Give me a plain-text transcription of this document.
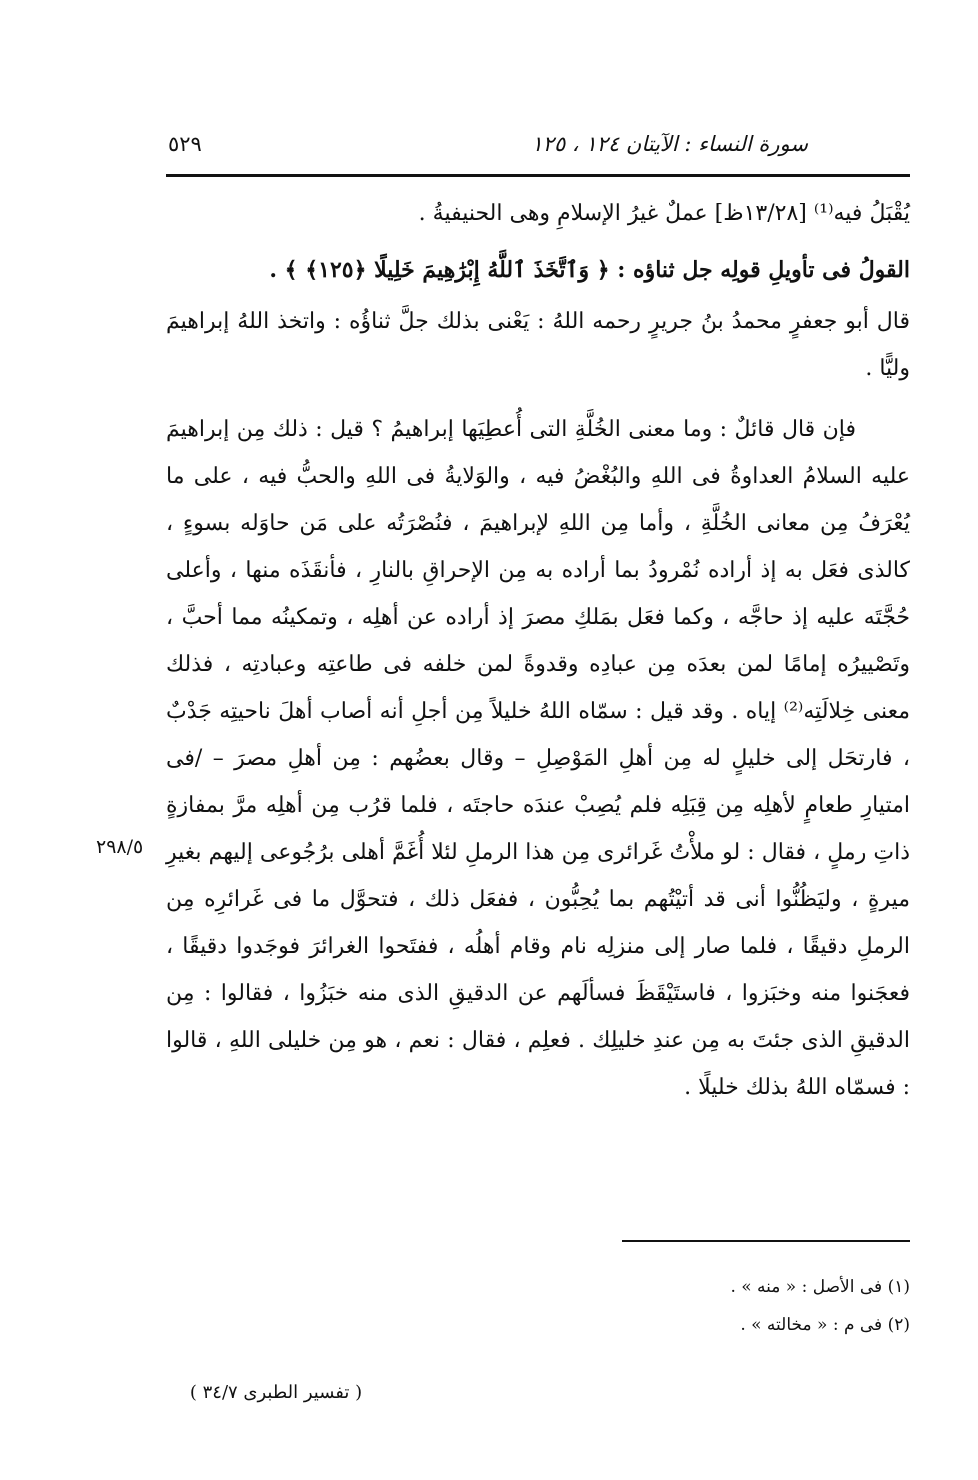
سورة النساء : الآيتان ١٢٤ ، ١٢٥
٥٢٩

يُقْبَلُ فيه⁽¹⁾ [١٣/٢٨ظ] عملٌ غيرُ الإسلامِ وهى الحنيفيةُ .

القولُ فى تأويلِ قولِه جل ثناؤه : ﴿ وَٱتَّخَذَ ٱللَّهُ إِبْرَٰهِيمَ خَلِيلًا ﴿١٢٥﴾ ﴾ .

قال أبو جعفرٍ محمدُ بنُ جريرٍ رحمه اللهُ : يَعْنى بذلك جلَّ ثناؤُه : واتخذ اللهُ إبراهيمَ وليًّا .

فإن قال قائلٌ : وما معنى الخُلَّةِ التى أُعطِيَها إبراهيمُ ؟ قيل : ذلك مِن إبراهيمَ عليه السلامُ العداوةُ فى اللهِ والبُغْضُ فيه ، والوَلايةُ فى اللهِ والحبُّ فيه ، على ما يُعْرَفُ مِن معانى الخُلَّةِ ، وأما مِن اللهِ لإبراهيمَ ، فنُصْرَتُه على مَن حاوَله بسوءٍ ، كالذى فعَل به إذ أراده نُمْرودُ بما أراده به مِن الإحراقِ بالنارِ ، فأنقَذَه منها ، وأعلى حُجَّتَه عليه إذ حاجَّه ، وكما فعَل بمَلكِ مصرَ إذ أراده عن أهلِه ، وتمكينُه مما أحبَّ ، وتَصْييرُه إمامًا لمن بعدَه مِن عبادِه وقدوةً لمن خلفه فى طاعتِه وعبادتِه ، فذلك معنى خِلالَتِه⁽²⁾ إياه . وقد قيل : سمّاه اللهُ خليلاً مِن أجلِ أنه أصاب أهلَ ناحيتِه جَدْبٌ ، فارتحَل إلى خليلٍ له مِن أهلِ المَوْصِلِ – وقال بعضُهم : مِن أهلِ مصرَ – /فى امتيارِ طعامٍ لأهلِه مِن قِبَلِه فلم يُصِبْ عندَه حاجتَه ، فلما قرُب مِن أهلِه مرَّ بمفازةٍ ذاتِ رملٍ ، فقال : لو ملأْتُ غَرائرى مِن هذا الرملِ لئلا أُغَمَّ أهلى برُجُوعى إليهم بغيرِ ميرةٍ ، وليَظُنُّوا أنى قد أتيْتُهم بما يُحِبُّون ، ففعَل ذلك ، فتحوَّل ما فى غَرائرِه مِن الرملِ دقيقًا ، فلما صار إلى منزلِه نام وقام أهلُه ، ففتَحوا الغرائرَ فوجَدوا دقيقًا ، فعجَنوا منه وخبَزوا ، فاستَيْقَظَ فسألَهم عن الدقيقِ الذى منه خبَزُوا ، فقالوا : مِن الدقيقِ الذى جئتَ به مِن عندِ خليلِك . فعلِم ، فقال : نعم ، هو مِن خليلى اللهِ ، قالوا : فسمّاه اللهُ بذلك خليلًا .

٢٩٨/٥
(١) فى الأصل : « منه » .
(٢) فى م : « مخالته » .
( تفسير الطبرى ٣٤/٧ )
